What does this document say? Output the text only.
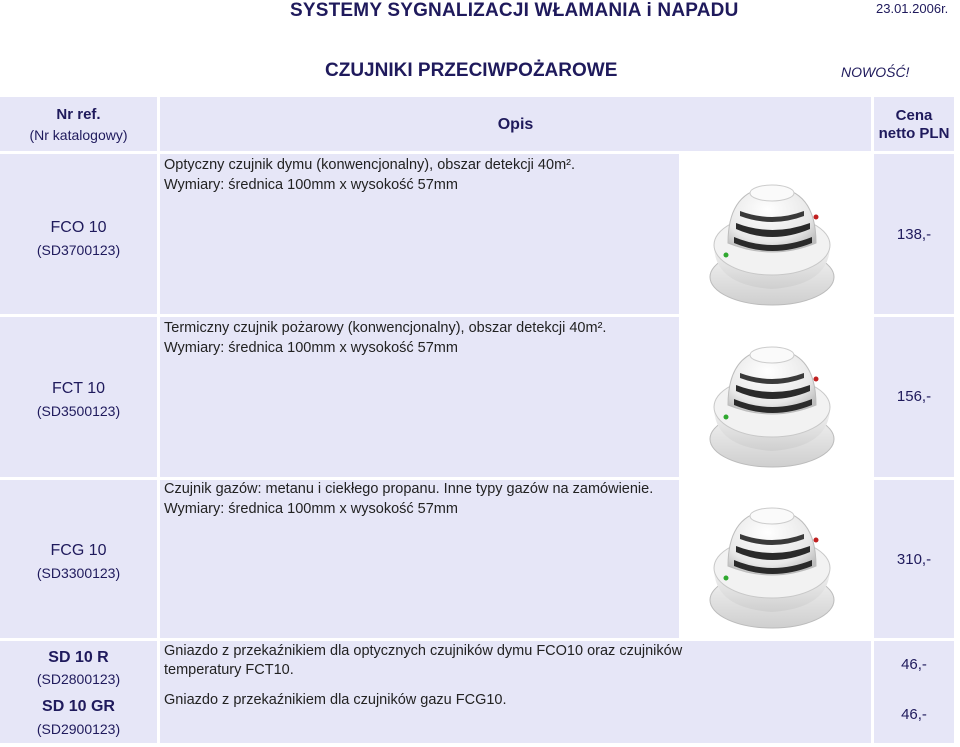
SYSTEMY SYGNALIZACJI WŁAMANIA i NAPADU	23.01.2006r.
CZUJNIKI PRZECIWPOŻAROWE	NOWOŚĆ!
Nr ref.
(Nr katalogowy)
Opis
Cena
netto PLN
FCO 10
(SD3700123)
Optyczny czujnik dymu (konwencjonalny), obszar detekcji 40m².
Wymiary: średnica 100mm x wysokość 57mm
138,-
FCT 10
(SD3500123)
Termiczny czujnik pożarowy (konwencjonalny), obszar detekcji 40m².
Wymiary: średnica 100mm x wysokość 57mm
156,-
FCG 10
(SD3300123)
Czujnik gazów: metanu i ciekłego propanu. Inne typy gazów na zamówienie.
Wymiary: średnica 100mm x wysokość 57mm
310,-
SD 10 R
(SD2800123)
SD 10 GR
(SD2900123)
Gniazdo z przekaźnikiem dla optycznych czujników dymu FCO10 oraz czujników
temperatury FCT10.
Gniazdo z przekaźnikiem dla czujników gazu FCG10.
46,-
46,-
